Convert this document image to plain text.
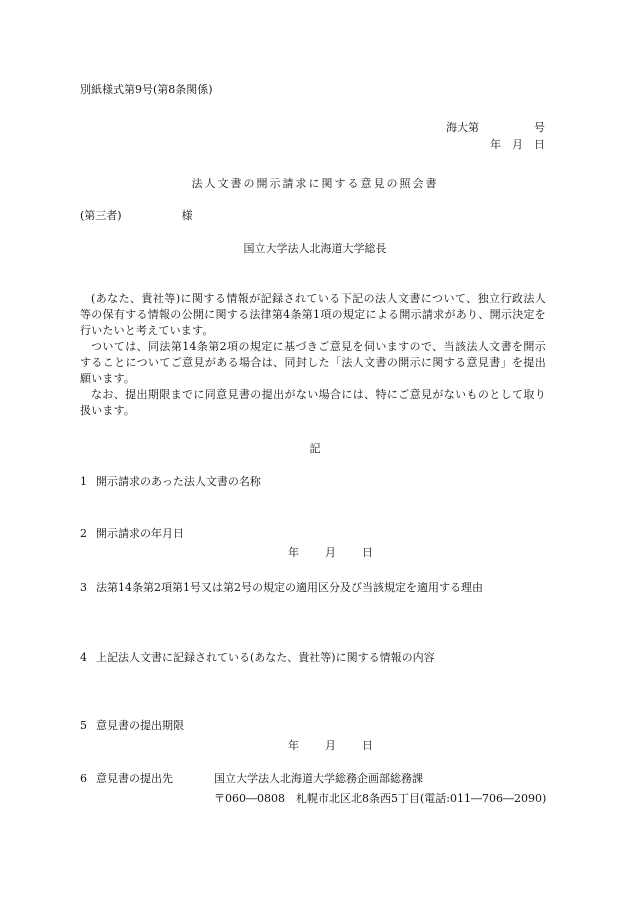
別紙様式第9号(第8条関係)
海大第　　　　　号
年　月　日
法人文書の開示請求に関する意見の照会書
(第三者)	様
国立大学法人北海道大学総長

(あなた、貴社等)に関する情報が記録されている下記の法人文書について、独立行政法人等の保有する情報の公開に関する法律第4条第1項の規定による開示請求があり、開示決定を行いたいと考えています。

ついては、同法第14条第2項の規定に基づきご意見を伺いますので、当該法人文書を開示することについてご意見がある場合は、同封した「法人文書の開示に関する意見書」を提出願います。

なお、提出期限までに同意見書の提出がない場合には、特にご意見がないものとして取り扱います。

記
1 開示請求のあった法人文書の名称
2 開示請求の年月日
年 月 日
3 法第14条第2項第1号又は第2号の規定の適用区分及び当該規定を適用する理由
4 上記法人文書に記録されている(あなた、貴社等)に関する情報の内容
5 意見書の提出期限
年 月 日
6 意見書の提出先	国立大学法人北海道大学総務企画部総務課
〒060―0808　札幌市北区北8条西5丁目(電話:011―706―2090)
